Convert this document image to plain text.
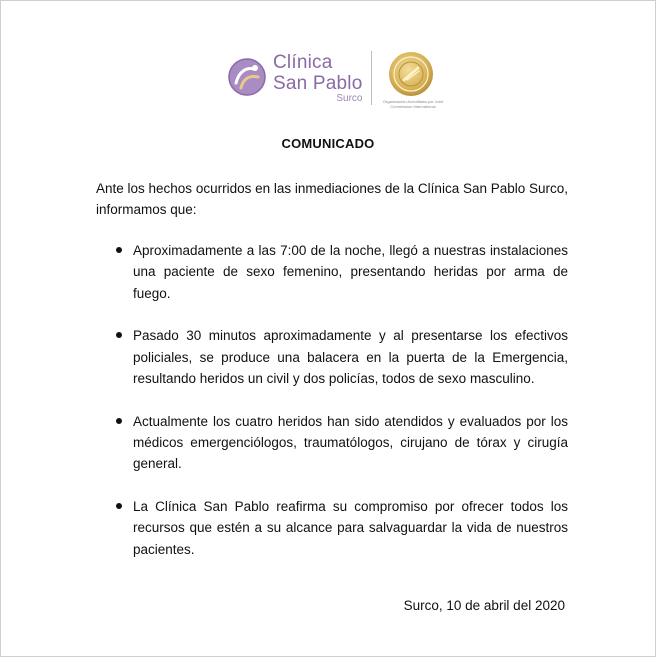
Clínica
San Pablo
Surco	Organización Acreditada por Joint Commission International
COMUNICADO
Ante los hechos ocurridos en las inmediaciones de la Clínica San Pablo Surco, informamos que:
Aproximadamente a las 7:00 de la noche, llegó a nuestras instalaciones una paciente de sexo femenino, presentando heridas por arma de fuego.
Pasado 30 minutos aproximadamente y al presentarse los efectivos policiales, se produce una balacera en la puerta de la Emergencia, resultando heridos un civil y dos policías, todos de sexo masculino.
Actualmente los cuatro heridos han sido atendidos y evaluados por los médicos emergenciólogos, traumatólogos, cirujano de tórax y cirugía general.
La Clínica San Pablo reafirma su compromiso por ofrecer todos los recursos que estén a su alcance para salvaguardar la vida de nuestros pacientes.
Surco, 10 de abril del 2020
